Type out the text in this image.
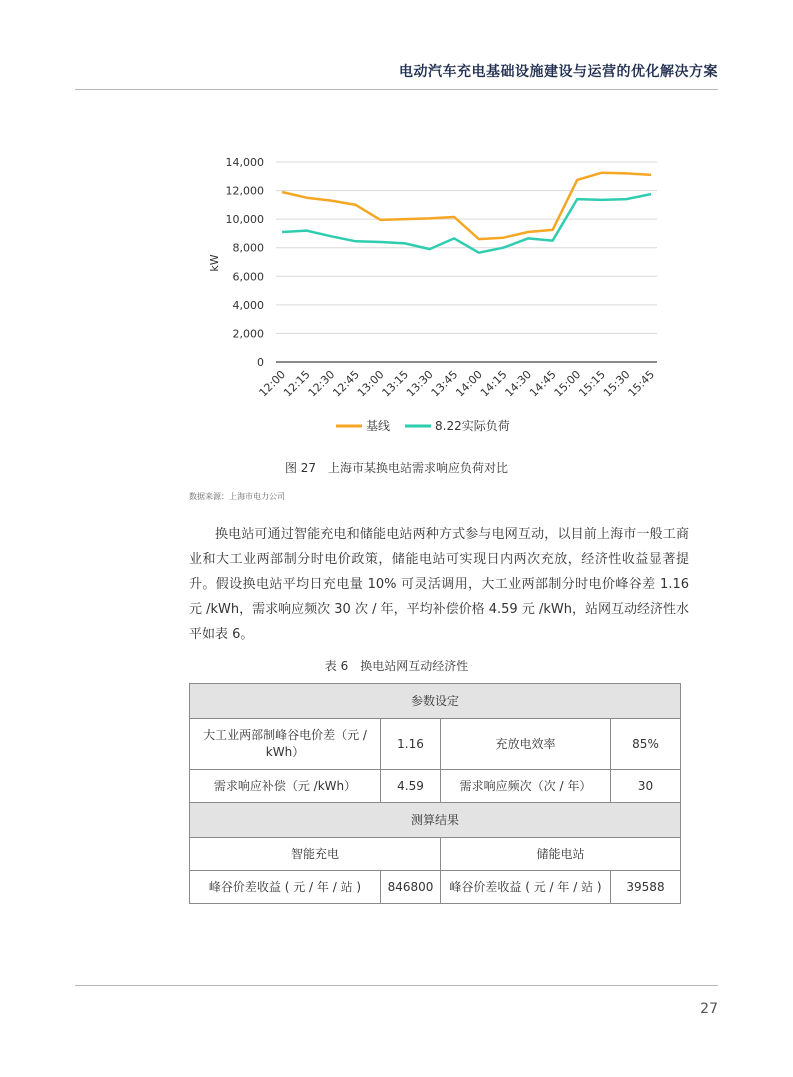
电动汽车充电基础设施建设与运营的优化解决方案
0
2,000
4,000
6,000
8,000
10,000
12,000
14,000
kW
12:00
12:15
12:30
12:45
13:00
13:15
13:30
13:45
14:00
14:15
14:30
14:45
15:00
15:15
15:30
15:45
基线	8.22实际负荷
图 27　上海市某换电站需求响应负荷对比
数据来源：上海市电力公司
换电站可通过智能充电和储能电站两种方式参与电网互动，以目前上海市一般工商业和大工业两部制分时电价政策，储能电站可实现日内两次充放，经济性收益显著提升。假设换电站平均日充电量 10% 可灵活调用，大工业两部制分时电价峰谷差 1.16 元 /kWh，需求响应频次 30 次 / 年，平均补偿价格 4.59 元 /kWh，站网互动经济性水平如表 6。
表 6　换电站网互动经济性
参数设定			
大工业两部制峰谷电价差（元 / kWh）	1.16	充放电效率	85%
需求响应补偿（元 /kWh）	4.59	需求响应频次（次 / 年）	30
测算结果			
智能充电		储能电站	
峰谷价差收益 ( 元 / 年 / 站 )	846800	峰谷价差收益 ( 元 / 年 / 站 )	39588
27
